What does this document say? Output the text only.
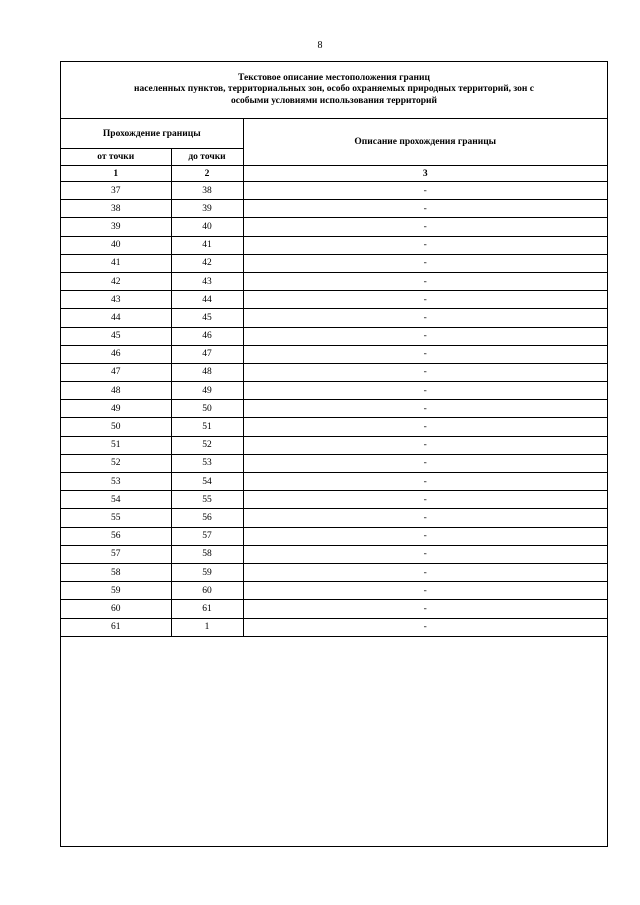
8
Текстовое описание местоположения границ
населенных пунктов, территориальных зон, особо охраняемых природных территорий, зон с
особыми условиями использования территорий
Прохождение границы		Описание прохождения границы
от точки	до точки	
1	2	3
37	38	-
38	39	-
39	40	-
40	41	-
41	42	-
42	43	-
43	44	-
44	45	-
45	46	-
46	47	-
47	48	-
48	49	-
49	50	-
50	51	-
51	52	-
52	53	-
53	54	-
54	55	-
55	56	-
56	57	-
57	58	-
58	59	-
59	60	-
60	61	-
61	1	-
